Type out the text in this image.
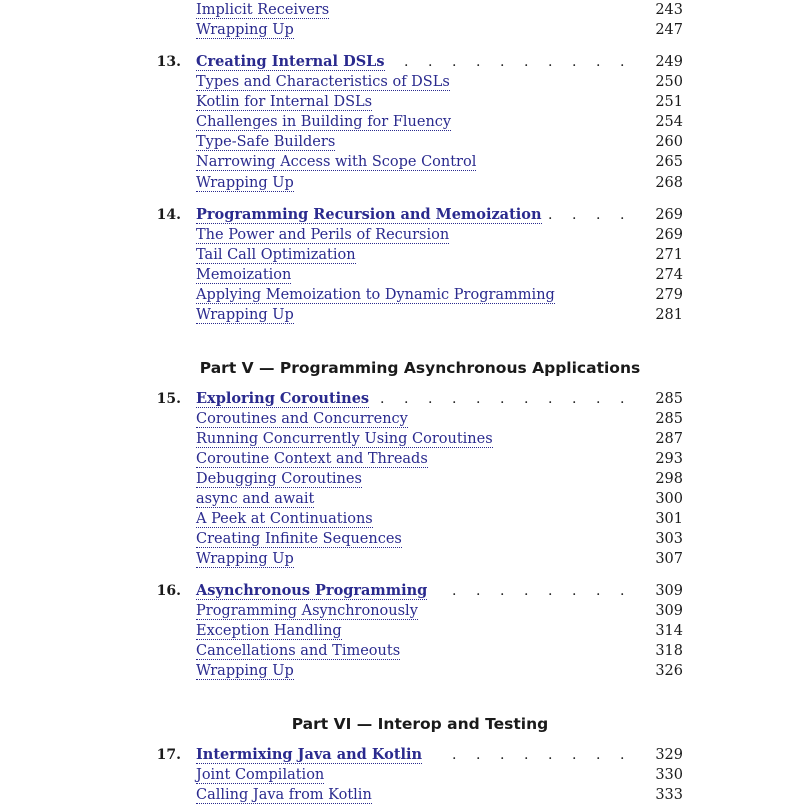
Implicit Receivers	243
Wrapping Up	247
13. Creating Internal DSLs	249
. . . . . . . . . .
Types and Characteristics of DSLs	250
Kotlin for Internal DSLs	251
Challenges in Building for Fluency	254
Type-Safe Builders	260
Narrowing Access with Scope Control	265
Wrapping Up	268
14. Programming Recursion and Memoization	269
. . . .
The Power and Perils of Recursion	269
Tail Call Optimization	271
Memoization	274
Applying Memoization to Dynamic Programming	279
Wrapping Up	281
Part V — Programming Asynchronous Applications
15. Exploring Coroutines	285
. . . . . . . . . . .
Coroutines and Concurrency	285
Running Concurrently Using Coroutines	287
Coroutine Context and Threads	293
Debugging Coroutines	298
async and await	300
A Peek at Continuations	301
Creating Infinite Sequences	303
Wrapping Up	307
16. Asynchronous Programming	309
. . . . . . . .
Programming Asynchronously	309
Exception Handling	314
Cancellations and Timeouts	318
Wrapping Up	326
Part VI — Interop and Testing
17. Intermixing Java and Kotlin	329
. . . . . . . .
Joint Compilation	330
Calling Java from Kotlin	333
